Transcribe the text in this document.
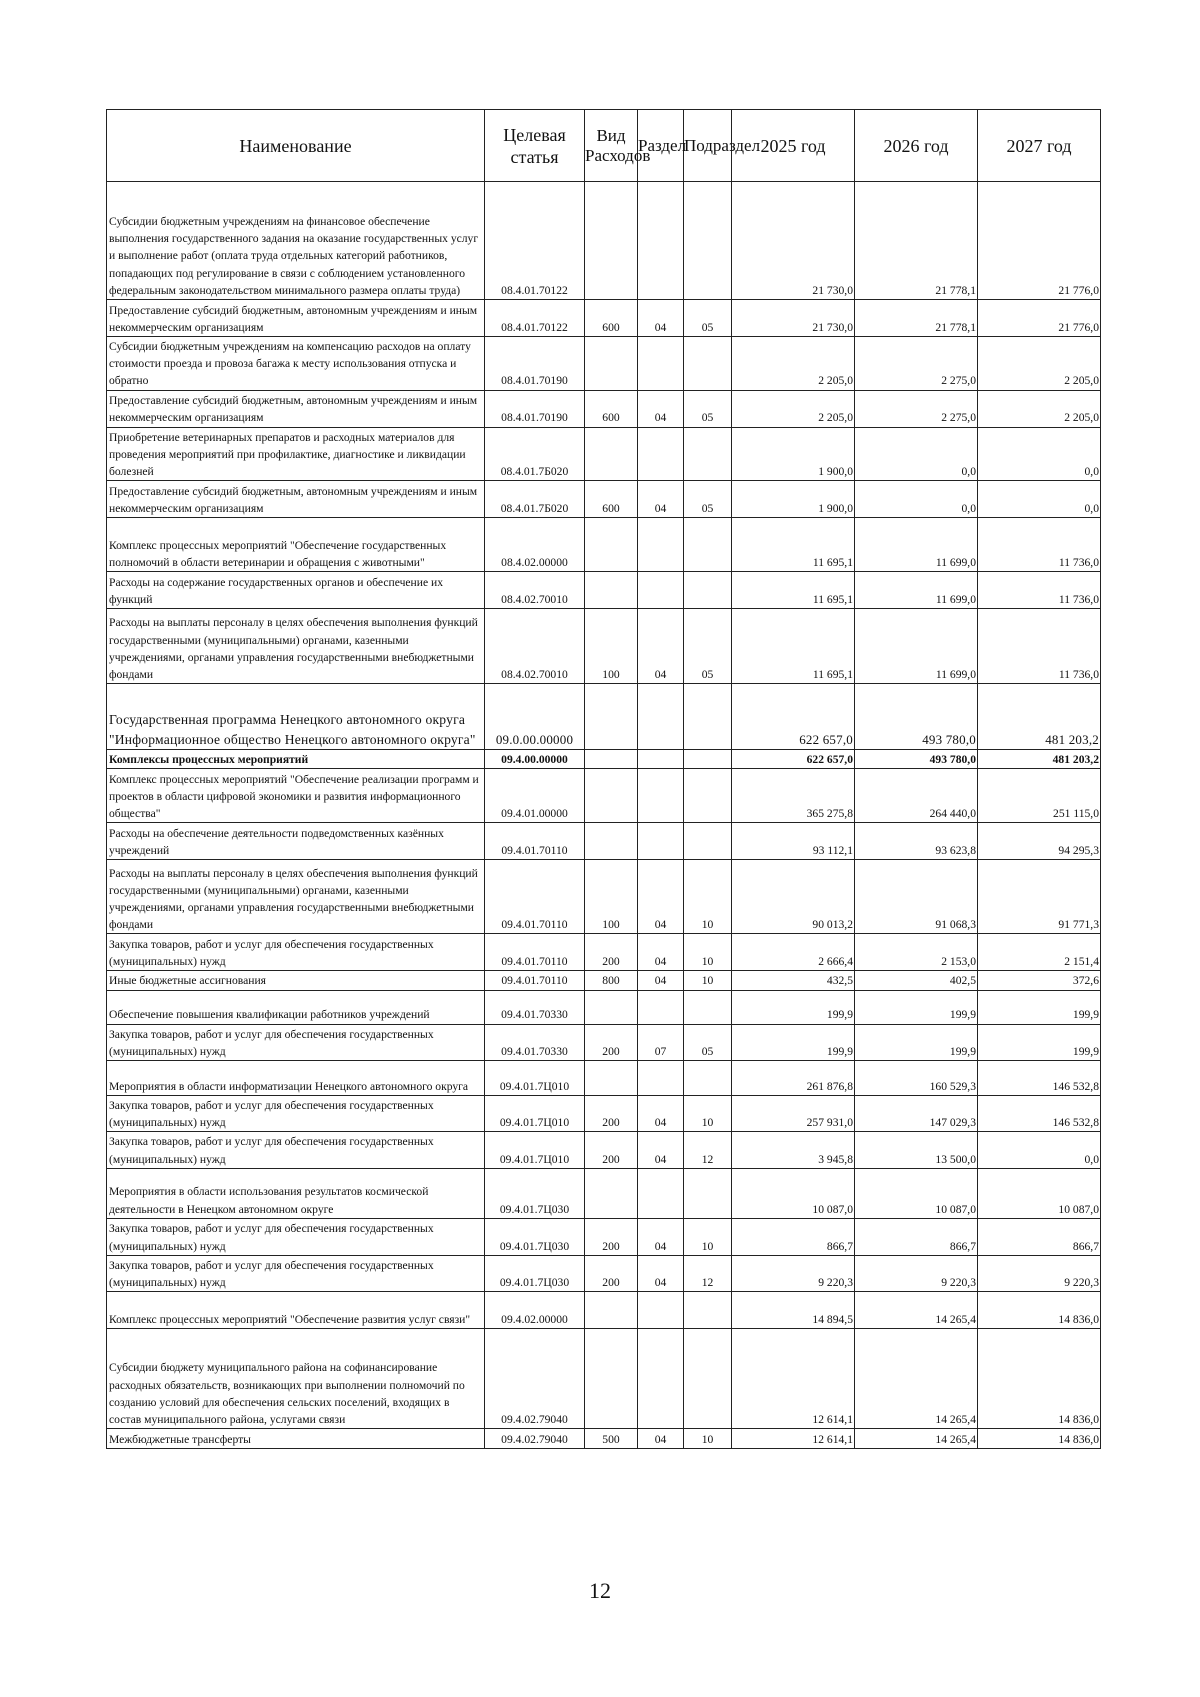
Наименование	Целевая статья	Вид Расходов	Раздел	Подраздел	2025 год	2026 год	2027 год
Субсидии бюджетным учреждениям на финансовое обеспечение выполнения государственного задания на оказание государственных услуг и выполнение работ (оплата труда отдельных категорий работников, попадающих под регулирование в связи с соблюдением установленного федеральным законодательством минимального размера оплаты труда)	08.4.01.70122				21 730,0	21 778,1	21 776,0
Предоставление субсидий бюджетным, автономным учреждениям и иным некоммерческим организациям	08.4.01.70122	600	04	05	21 730,0	21 778,1	21 776,0
Субсидии бюджетным учреждениям на компенсацию расходов на оплату стоимости проезда и провоза багажа к месту использования отпуска и обратно	08.4.01.70190				2 205,0	2 275,0	2 205,0
Предоставление субсидий бюджетным, автономным учреждениям и иным некоммерческим организациям	08.4.01.70190	600	04	05	2 205,0	2 275,0	2 205,0
Приобретение ветеринарных препаратов и расходных материалов для проведения мероприятий при профилактике, диагностике и ликвидации болезней	08.4.01.7Б020				1 900,0	0,0	0,0
Предоставление субсидий бюджетным, автономным учреждениям и иным некоммерческим организациям	08.4.01.7Б020	600	04	05	1 900,0	0,0	0,0
Комплекс процессных мероприятий "Обеспечение государственных полномочий в области ветеринарии и обращения с животными"	08.4.02.00000				11 695,1	11 699,0	11 736,0
Расходы на содержание государственных органов и обеспечение их функций	08.4.02.70010				11 695,1	11 699,0	11 736,0
Расходы на выплаты персоналу в целях обеспечения выполнения функций государственными (муниципальными) органами, казенными учреждениями, органами управления государственными внебюджетными фондами	08.4.02.70010	100	04	05	11 695,1	11 699,0	11 736,0
Государственная программа Ненецкого автономного округа "Информационное общество Ненецкого автономного округа"	09.0.00.00000				622 657,0	493 780,0	481 203,2
Комплексы процессных мероприятий	09.4.00.00000				622 657,0	493 780,0	481 203,2
Комплекс процессных мероприятий "Обеспечение реализации программ и проектов в области цифровой экономики и развития информационного общества"	09.4.01.00000				365 275,8	264 440,0	251 115,0
Расходы на обеспечение деятельности подведомственных казённых учреждений	09.4.01.70110				93 112,1	93 623,8	94 295,3
Расходы на выплаты персоналу в целях обеспечения выполнения функций государственными (муниципальными) органами, казенными учреждениями, органами управления государственными внебюджетными фондами	09.4.01.70110	100	04	10	90 013,2	91 068,3	91 771,3
Закупка товаров, работ и услуг для обеспечения государственных (муниципальных) нужд	09.4.01.70110	200	04	10	2 666,4	2 153,0	2 151,4
Иные бюджетные ассигнования	09.4.01.70110	800	04	10	432,5	402,5	372,6
Обеспечение повышения квалификации работников учреждений	09.4.01.70330				199,9	199,9	199,9
Закупка товаров, работ и услуг для обеспечения государственных (муниципальных) нужд	09.4.01.70330	200	07	05	199,9	199,9	199,9
Мероприятия в области информатизации Ненецкого автономного округа	09.4.01.7Ц010				261 876,8	160 529,3	146 532,8
Закупка товаров, работ и услуг для обеспечения государственных (муниципальных) нужд	09.4.01.7Ц010	200	04	10	257 931,0	147 029,3	146 532,8
Закупка товаров, работ и услуг для обеспечения государственных (муниципальных) нужд	09.4.01.7Ц010	200	04	12	3 945,8	13 500,0	0,0
Мероприятия в области использования результатов космической деятельности в Ненецком автономном округе	09.4.01.7Ц030				10 087,0	10 087,0	10 087,0
Закупка товаров, работ и услуг для обеспечения государственных (муниципальных) нужд	09.4.01.7Ц030	200	04	10	866,7	866,7	866,7
Закупка товаров, работ и услуг для обеспечения государственных (муниципальных) нужд	09.4.01.7Ц030	200	04	12	9 220,3	9 220,3	9 220,3
Комплекс процессных мероприятий "Обеспечение развития услуг связи"	09.4.02.00000				14 894,5	14 265,4	14 836,0
Субсидии бюджету муниципального района на софинансирование расходных обязательств, возникающих при выполнении полномочий по созданию условий для обеспечения сельских поселений, входящих в состав муниципального района, услугами связи	09.4.02.79040				12 614,1	14 265,4	14 836,0
Межбюджетные трансферты	09.4.02.79040	500	04	10	12 614,1	14 265,4	14 836,0
12
